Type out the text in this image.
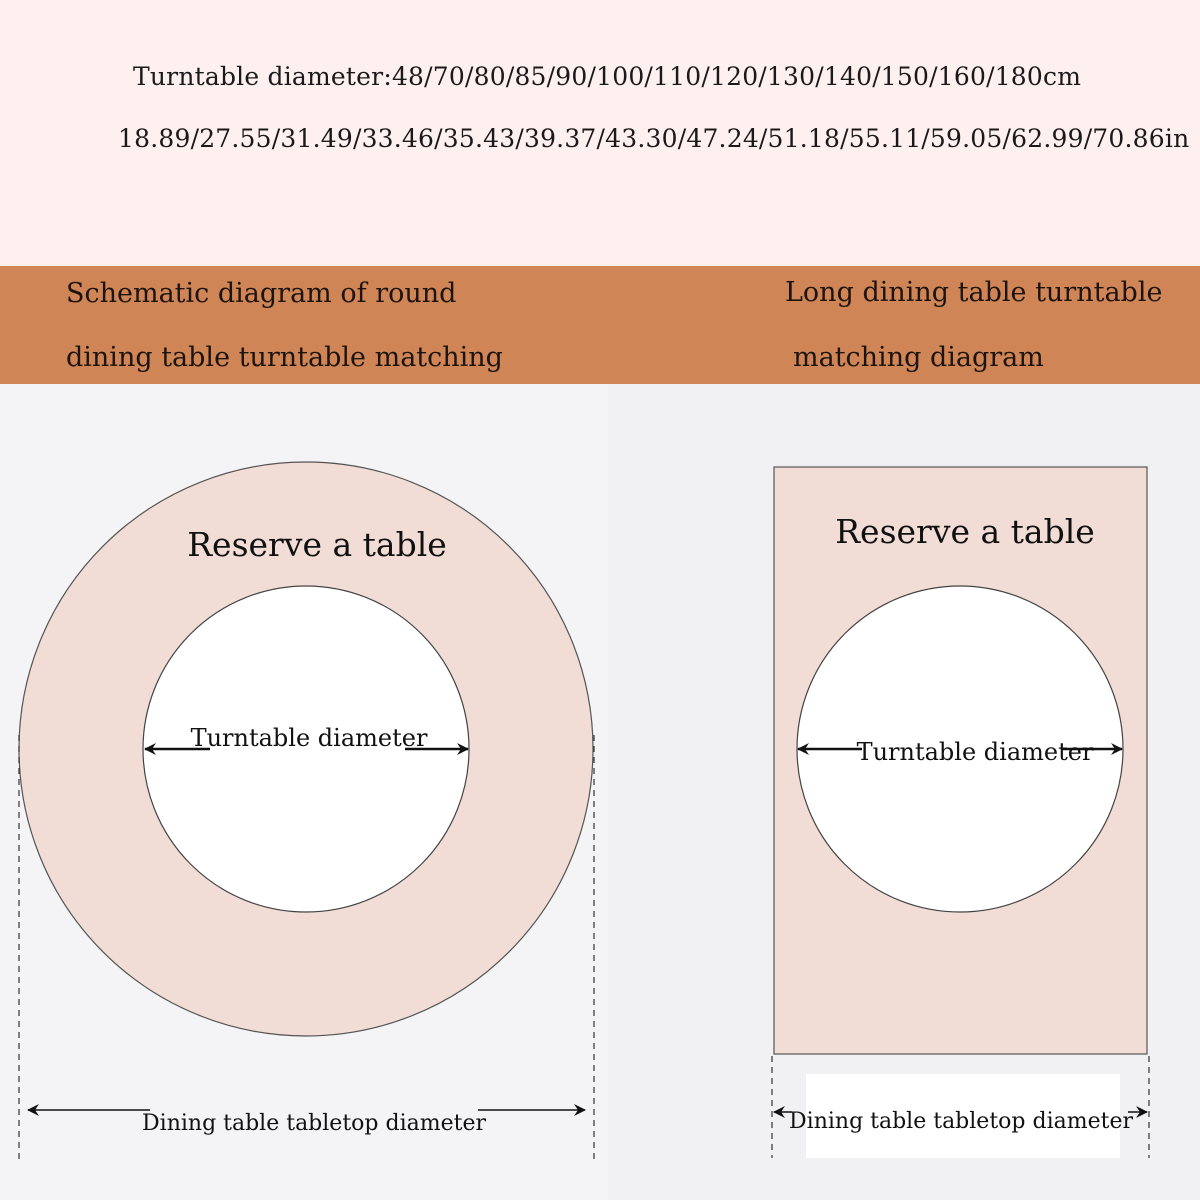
Turntable diameter:48/70/80/85/90/100/110/120/130/140/150/160/180cm
18.89/27.55/31.49/33.46/35.43/39.37/43.30/47.24/51.18/55.11/59.05/62.99/70.86in
Schematic diagram of round
dining table turntable matching
Long dining table turntable
matching diagram
Reserve a table
Turntable diameter
Dining table tabletop diameter
Reserve a table
Turntable diameter
Dining table tabletop diameter
